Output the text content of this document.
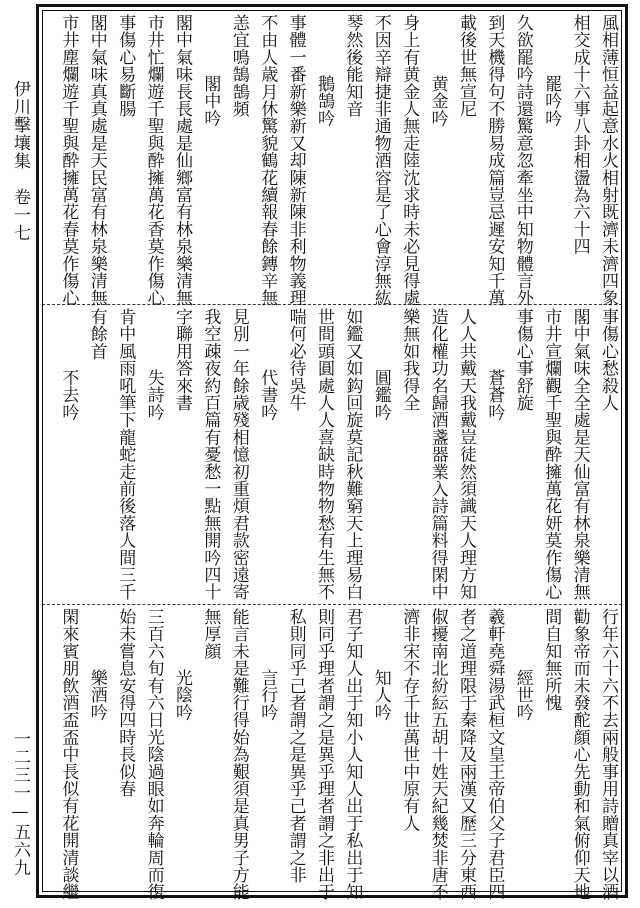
伊川擊壤集　卷一七
一二三一—五六九
風相薄恒益起意水火相射既濟未濟四象
相交成十六事八卦相盪為六十四
罷吟吟
久欲罷吟詩還驚意忽牽坐中知物體言外
到天機得句不勝易成篇豈忌遲安知千萬
載後世無宣尼
黄金吟
身上有黄金人無走陸沈求時未必見得處
不因辛辯捷非通物酒容是了心會淳無紘
琴然後能知音
鵝鵠吟
事體一番新樂新又却陳新陳非利物義理
不由人歳月休驚貌鶴花續報春餘鏄辛無
恙宜鳴鵠鵠頻
閣中吟
閣中氣味長長處是仙鄉富有林泉樂清無
市井忙爛遊千聖與酔擁萬花香莫作傷心
事傷心易斷腸
閣中氣味真真處是天民富有林泉樂清無
市井塵爛遊千聖與酔擁萬花春莫作傷心
事傷心愁殺人
閣中氣味全全處是天仙富有林泉樂清無
市井宣爛觀千聖與酔擁萬花妍莫作傷心
事傷心事舒旋
蒼蒼吟
人人共戴天我戴豈徒然須識天人理方知
造化權功名歸酒盞器業入詩篇料得閑中
樂無如我得全
圓鑑吟
如鑑又如鈎回旋莫記秋難窮天上理易白
世間頭圓處人人喜缺時物物愁有生無不
喘何必待吳牛
代書吟
見別一年餘歳殘相憶初重煩君款密遠寄
我空疎夜約百篇有憂愁一點無開吟四十
字聯用答來書
失詩吟
肯中風雨吼筆下龍蛇走前後落人間三千
有餘首
不去吟
行年六十六不去兩般事用詩贈真宰以酒
勸象帝而未發酡顔心先動和氣俯仰天地
間自知無所愧
經世吟
羲軒堯舜湯武桓文皇王帝伯父子君臣四
者之道理限于秦降及兩漢又歷三分東西
俶擾南北紛紜五胡十姓天紀幾焚非唐不
濟非宋不存千世萬世中原有人
知人吟
君子知人出于知小人知人出于私出于知
則同乎理者謂之是異乎理者謂之非出于
私則同乎己者謂之是異乎己者謂之非
言行吟
能言未是難行得始為艱須是真男子方能
無厚顔
光陰吟
三百六旬有六日光陰過眼如奔輪周而復
始未嘗息安得四時長似春
樂酒吟
閑來賓朋飲酒盃盃中長似有花開清談繼
